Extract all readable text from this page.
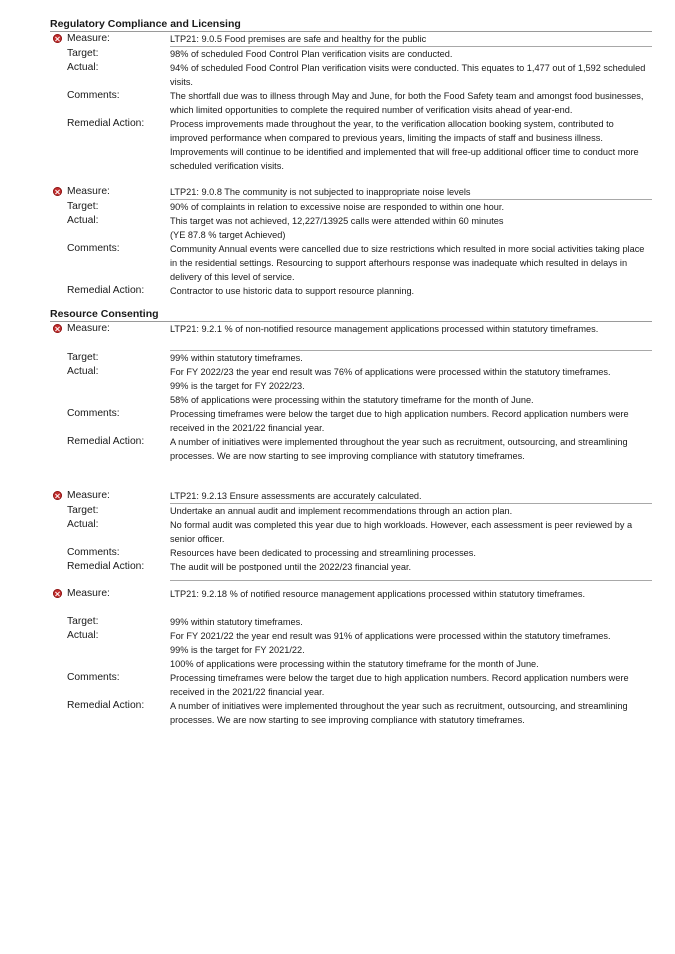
Regulatory Compliance and Licensing
Measure:	LTP21: 9.0.5 Food premises are safe and healthy for the public
Target:	98% of scheduled Food Control Plan verification visits are conducted.
Actual:	94% of scheduled Food Control Plan verification visits were conducted. This equates to 1,477 out of 1,592 scheduled visits.
Comments:	The shortfall due was to illness through May and June, for both the Food Safety team and amongst food businesses, which limited opportunities to complete the required number of verification visits ahead of year-end.
Remedial Action:	Process improvements made throughout the year, to the verification allocation booking system, contributed to improved performance when compared to previous years, limiting the impacts of staff and business illness. Improvements will continue to be identified and implemented that will free-up additional officer time to conduct more scheduled verification visits.
Measure:	LTP21: 9.0.8 The community is not subjected to inappropriate noise levels
Target:	90% of complaints in relation to excessive noise are responded to within one hour.
Actual:	This target was not achieved, 12,227/13925 calls were attended within 60 minutes
(YE 87.8 % target Achieved)
Comments:	Community Annual events were cancelled due to size restrictions which resulted in more social activities taking place in the residential settings. Resourcing to support afterhours response was inadequate which resulted in delays in delivery of this level of service.
Remedial Action:	Contractor to use historic data to support resource planning.
Resource Consenting
Measure:	LTP21: 9.2.1 % of non-notified resource management applications processed within statutory timeframes.
Target:	99% within statutory timeframes.
Actual:	For FY 2022/23 the year end result was 76% of applications were processed within the statutory timeframes.
99% is the target for FY 2022/23.
58% of applications were processing within the statutory timeframe for the month of June.
Comments:	Processing timeframes were below the target due to high application numbers. Record application numbers were received in the 2021/22 financial year.
Remedial Action:	A number of initiatives were implemented throughout the year such as recruitment, outsourcing, and streamlining processes. We are now starting to see improving compliance with statutory timeframes.
Measure:	LTP21: 9.2.13 Ensure assessments are accurately calculated.
Target:	Undertake an annual audit and implement recommendations through an action plan.
Actual:	No formal audit was completed this year due to high workloads. However, each assessment is peer reviewed by a senior officer.
Comments:	Resources have been dedicated to processing and streamlining processes.
Remedial Action:	The audit will be postponed until the 2022/23 financial year.
Measure:	LTP21: 9.2.18 % of notified resource management applications processed within statutory timeframes.
Target:	99% within statutory timeframes.
Actual:	For FY 2021/22 the year end result was 91% of applications were processed within the statutory timeframes.
99% is the target for FY 2021/22.
100% of applications were processing within the statutory timeframe for the month of June.
Comments:	Processing timeframes were below the target due to high application numbers. Record application numbers were received in the 2021/22 financial year.
Remedial Action:	A number of initiatives were implemented throughout the year such as recruitment, outsourcing, and streamlining processes. We are now starting to see improving compliance with statutory timeframes.
